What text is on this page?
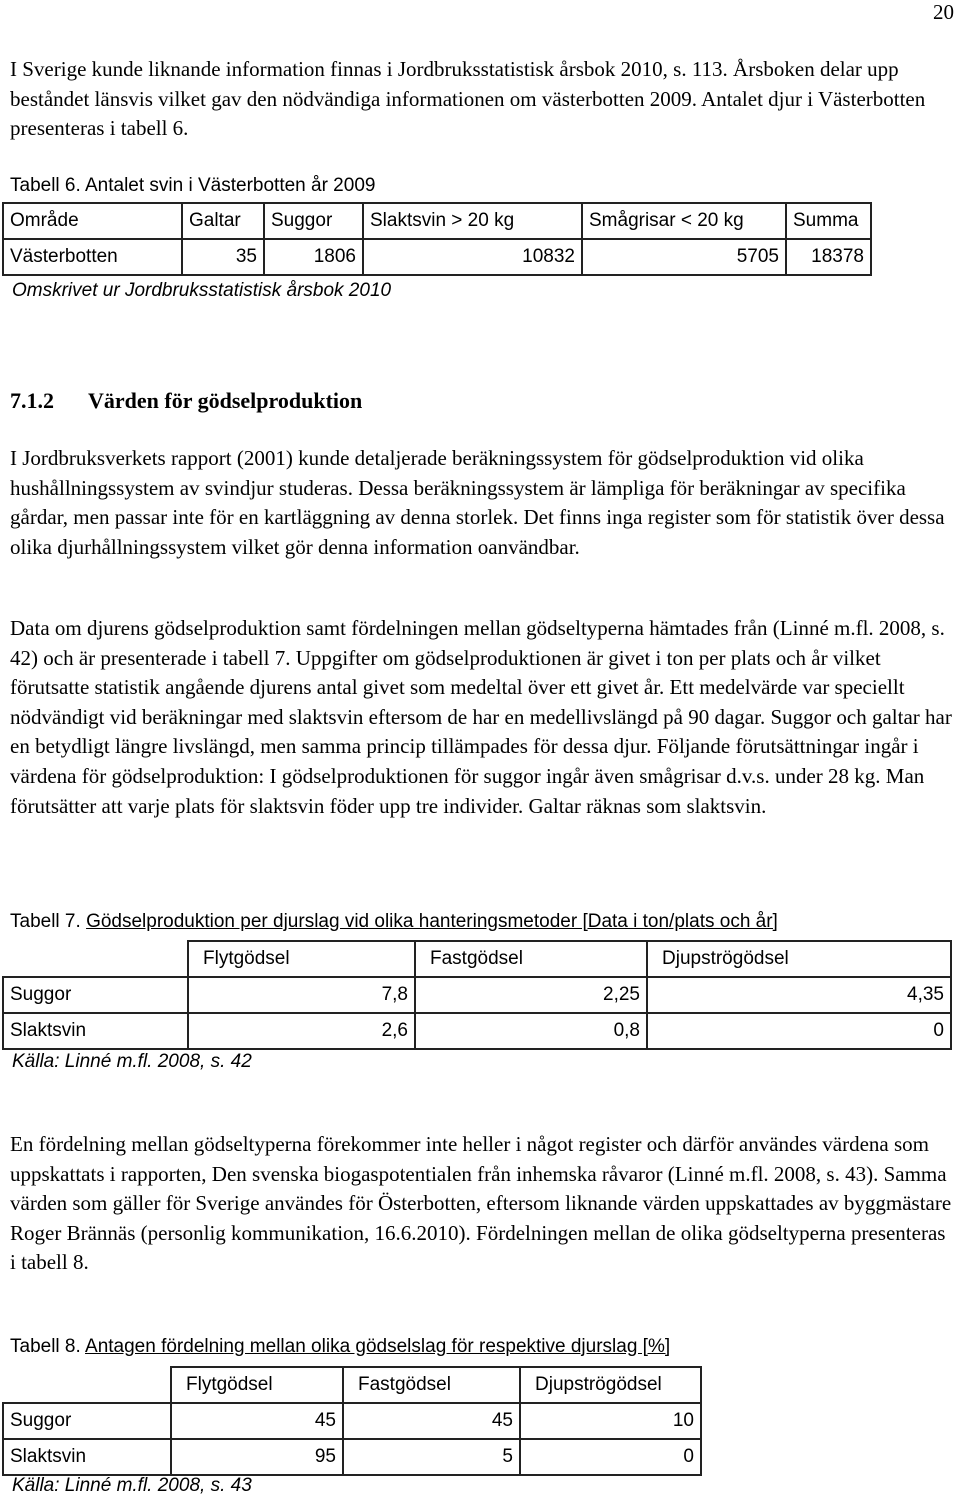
20

I Sverige kunde liknande information finnas i Jordbruksstatistisk årsbok 2010, s. 113. Årsboken delar upp beståndet länsvis vilket gav den nödvändiga informationen om västerbotten 2009. Antalet djur i Västerbotten presenteras i tabell 6.

Tabell 6. Antalet svin i Västerbotten år 2009

Område	Galtar	Suggor	Slaktsvin > 20 kg	Smågrisar < 20 kg	Summa
Västerbotten	35	1806	10832	5705	18378

Omskrivet ur Jordbruksstatistisk årsbok 2010

7.1.2 Värden för gödselproduktion

I Jordbruksverkets rapport (2001) kunde detaljerade beräkningssystem för gödselproduktion vid olika hushållningssystem av svindjur studeras. Dessa beräkningssystem är lämpliga för beräkningar av specifika gårdar, men passar inte för en kartläggning av denna storlek. Det finns inga register som för statistik över dessa olika djurhållningssystem vilket gör denna information oanvändbar.

Data om djurens gödselproduktion samt fördelningen mellan gödseltyperna hämtades från (Linné m.fl. 2008, s. 42) och är presenterade i tabell 7. Uppgifter om gödselproduktionen är givet i ton per plats och år vilket förutsatte statistik angående djurens antal givet som medeltal över ett givet år. Ett medelvärde var speciellt nödvändigt vid beräkningar med slaktsvin eftersom de har en medellivslängd på 90 dagar. Suggor och galtar har en betydligt längre livslängd, men samma princip tillämpades för dessa djur. Följande förutsättningar ingår i värdena för gödselproduktion: I gödselproduktionen för suggor ingår även smågrisar d.v.s. under 28 kg. Man förutsätter att varje plats för slaktsvin föder upp tre individer. Galtar räknas som slaktsvin.

Tabell 7. Gödselproduktion per djurslag vid olika hanteringsmetoder [Data i ton/plats och år]

	Flytgödsel	Fastgödsel	Djupströgödsel
Suggor	7,8	2,25	4,35
Slaktsvin	2,6	0,8	0

Källa: Linné m.fl. 2008, s. 42

En fördelning mellan gödseltyperna förekommer inte heller i något register och därför användes värdena som uppskattats i rapporten, Den svenska biogaspotentialen från inhemska råvaror (Linné m.fl. 2008, s. 43). Samma värden som gäller för Sverige användes för Österbotten, eftersom liknande värden uppskattades av byggmästare Roger Brännäs (personlig kommunikation, 16.6.2010). Fördelningen mellan de olika gödseltyperna presenteras i tabell 8.

Tabell 8. Antagen fördelning mellan olika gödselslag för respektive djurslag [%]

	Flytgödsel	Fastgödsel	Djupströgödsel
Suggor	45	45	10
Slaktsvin	95	5	0

Källa: Linné m.fl. 2008, s. 43
